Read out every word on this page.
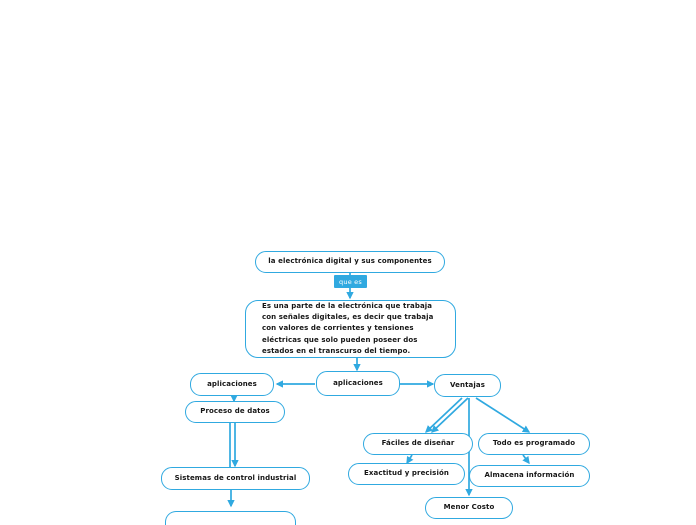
la electrónica digital y sus componentes
que es
Es una parte de la electrónica que trabaja
con señales digitales, es decir que trabaja
con valores de corrientes y tensiones
eléctricas que solo pueden poseer dos
estados en el transcurso del tiempo.
aplicaciones
aplicaciones	Ventajas
Proceso de datos
Sistemas de control industrial
Fáciles de diseñar	Todo es programado
Exactitud y precisión	Almacena información
Menor Costo
